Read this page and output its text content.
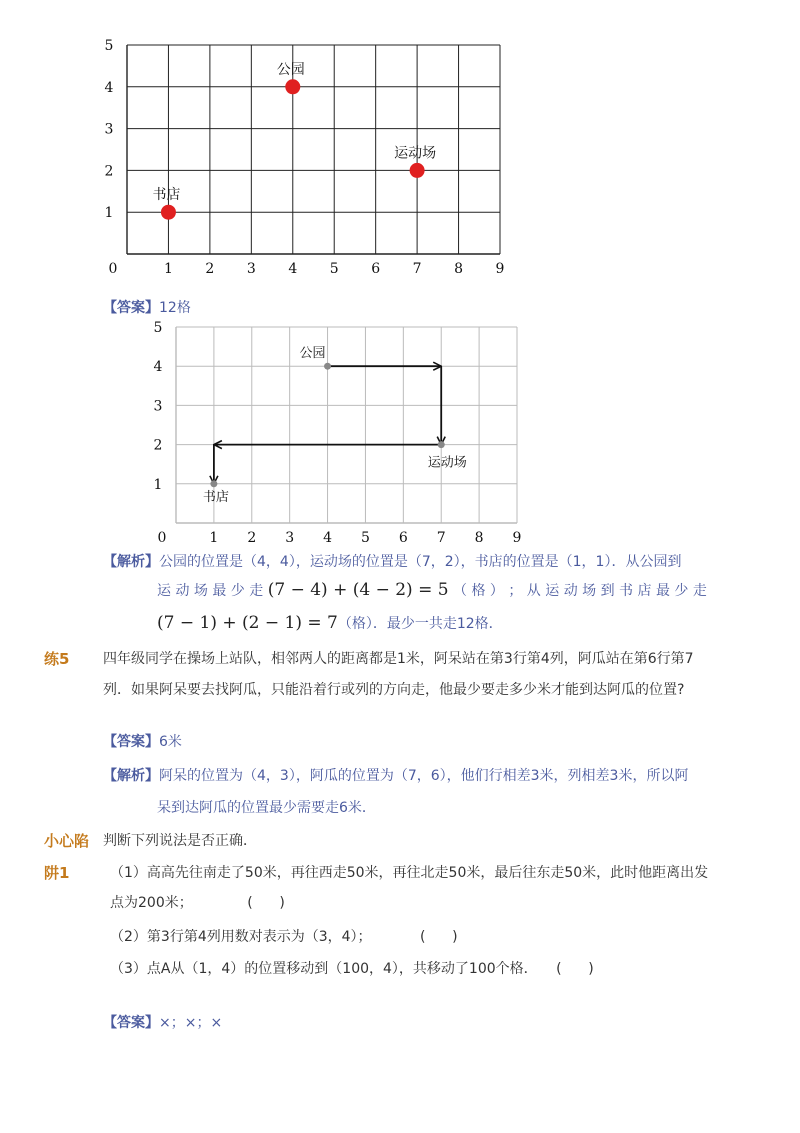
0	1 2 3 4 5 6 7 8 9
1
2
3
4
5
书店
公园
运动场
【答案】12格
0	1 2 3 4 5 6 7 8 9
1
2
3
4
5
公园
运动场
书店
【解析】公园的位置是（4，4），运动场的位置是（7，2），书店的位置是（1，1）．从公园到
运 动 场 最 少 走 (7 − 4) + (4 − 2) = 5 （ 格 ） ； 从 运 动 场 到 书 店 最 少 走
(7 − 1) + (2 − 1) = 7（格）．最少一共走12格．
练5 四年级同学在操场上站队，相邻两人的距离都是1米，阿呆站在第3行第4列，阿瓜站在第6行第7
列．如果阿呆要去找阿瓜，只能沿着行或列的方向走，他最少要走多少米才能到达阿瓜的位置?
【答案】6米
【解析】阿呆的位置为（4，3），阿瓜的位置为（7，6），他们行相差3米，列相差3米，所以阿
呆到达阿瓜的位置最少需要走6米．
小心陷 判断下列说法是否正确．
阱1	（1）高高先往南走了50米，再往西走50米，再往北走50米，最后往东走50米，此时他距离出发
点为200米；	(      )
（2）第3行第4列用数对表示为（3，4）；	(      )
（3）点A从（1，4）的位置移动到（100，4），共移动了100个格． (      )
【答案】×；×；×
